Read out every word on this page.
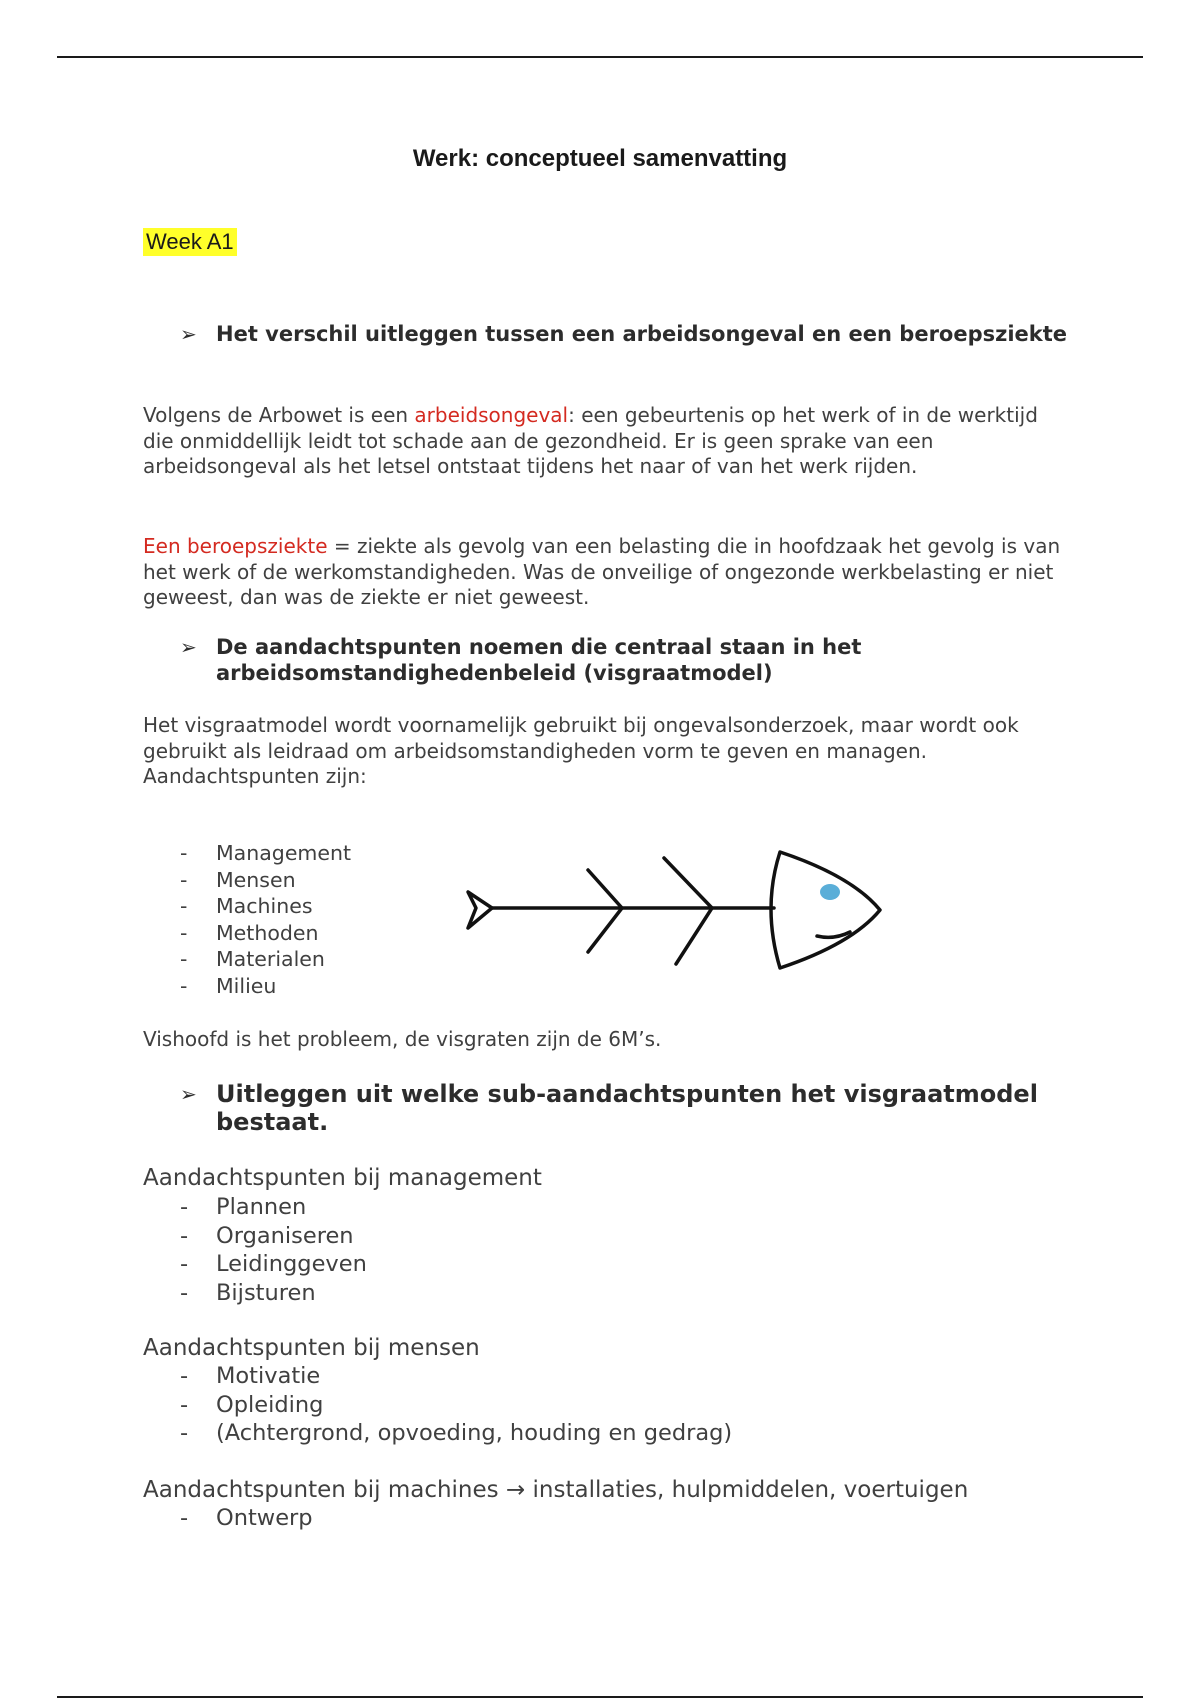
Werk: conceptueel samenvatting
Week A1
➢ Het verschil uitleggen tussen een arbeidsongeval en een beroepsziekte
Volgens de Arbowet is een arbeidsongeval: een gebeurtenis op het werk of in de werktijd die onmiddellijk leidt tot schade aan de gezondheid. Er is geen sprake van een arbeidsongeval als het letsel ontstaat tijdens het naar of van het werk rijden.
Een beroepsziekte = ziekte als gevolg van een belasting die in hoofdzaak het gevolg is van het werk of de werkomstandigheden. Was de onveilige of ongezonde werkbelasting er niet geweest, dan was de ziekte er niet geweest.
➢ De aandachtspunten noemen die centraal staan in het arbeidsomstandighedenbeleid (visgraatmodel)
Het visgraatmodel wordt voornamelijk gebruikt bij ongevalsonderzoek, maar wordt ook gebruikt als leidraad om arbeidsomstandigheden vorm te geven en managen.
Aandachtspunten zijn:
- Management
- Mensen
- Machines
- Methoden
- Materialen
- Milieu
Vishoofd is het probleem, de visgraten zijn de 6M’s.
➢ Uitleggen uit welke sub-aandachtspunten het visgraatmodel bestaat.
Aandachtspunten bij management
- Plannen
- Organiseren
- Leidinggeven
- Bijsturen
Aandachtspunten bij mensen
- Motivatie
- Opleiding
- (Achtergrond, opvoeding, houding en gedrag)
Aandachtspunten bij machines → installaties, hulpmiddelen, voertuigen
- Ontwerp
